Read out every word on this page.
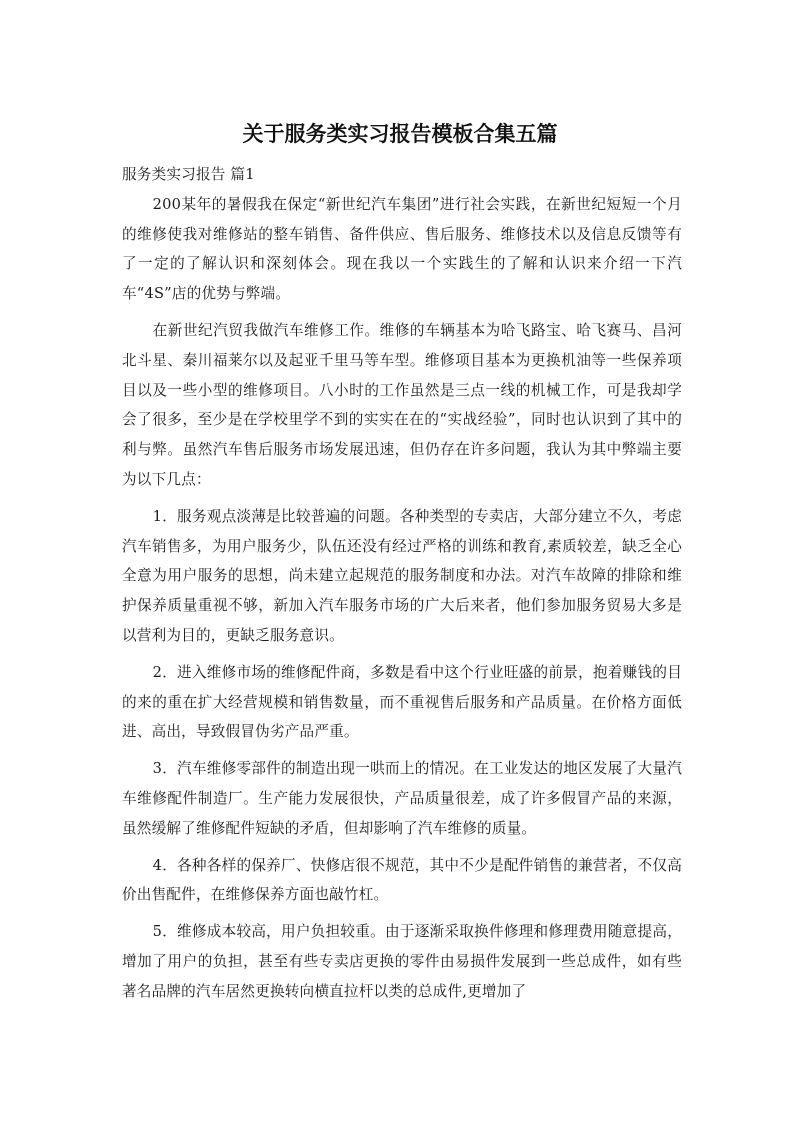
关于服务类实习报告模板合集五篇

服务类实习报告 篇1

200某年的暑假我在保定“新世纪汽车集团”进行社会实践，在新世纪短短一个月的维修使我对维修站的整车销售、备件供应、售后服务、维修技术以及信息反馈等有了一定的了解认识和深刻体会。现在我以一个实践生的了解和认识来介绍一下汽车“4S”店的优势与弊端。

在新世纪汽贸我做汽车维修工作。维修的车辆基本为哈飞路宝、哈飞赛马、昌河北斗星、秦川福莱尔以及起亚千里马等车型。维修项目基本为更换机油等一些保养项目以及一些小型的维修项目。八小时的工作虽然是三点一线的机械工作，可是我却学会了很多，至少是在学校里学不到的实实在在的“实战经验”，同时也认识到了其中的利与弊。虽然汽车售后服务市场发展迅速，但仍存在许多问题，我认为其中弊端主要为以下几点：

1．服务观点淡薄是比较普遍的问题。各种类型的专卖店，大部分建立不久，考虑汽车销售多，为用户服务少，队伍还没有经过严格的训练和教育,素质较差，缺乏全心全意为用户服务的思想，尚未建立起规范的服务制度和办法。对汽车故障的排除和维护保养质量重视不够，新加入汽车服务市场的广大后来者，他们参加服务贸易大多是以营利为目的，更缺乏服务意识。

2．进入维修市场的维修配件商，多数是看中这个行业旺盛的前景，抱着赚钱的目的来的重在扩大经营规模和销售数量，而不重视售后服务和产品质量。在价格方面低进、高出，导致假冒伪劣产品严重。

3．汽车维修零部件的制造出现一哄而上的情况。在工业发达的地区发展了大量汽车维修配件制造厂。生产能力发展很快，产品质量很差，成了许多假冒产品的来源，虽然缓解了维修配件短缺的矛盾，但却影响了汽车维修的质量。

4．各种各样的保养厂、快修店很不规范，其中不少是配件销售的兼营者，不仅高价出售配件，在维修保养方面也敲竹杠。

5．维修成本较高，用户负担较重。由于逐渐采取换件修理和修理费用随意提高，增加了用户的负担，甚至有些专卖店更换的零件由易损件发展到一些总成件，如有些著名品牌的汽车居然更换转向横直拉杆以类的总成件,更增加了
